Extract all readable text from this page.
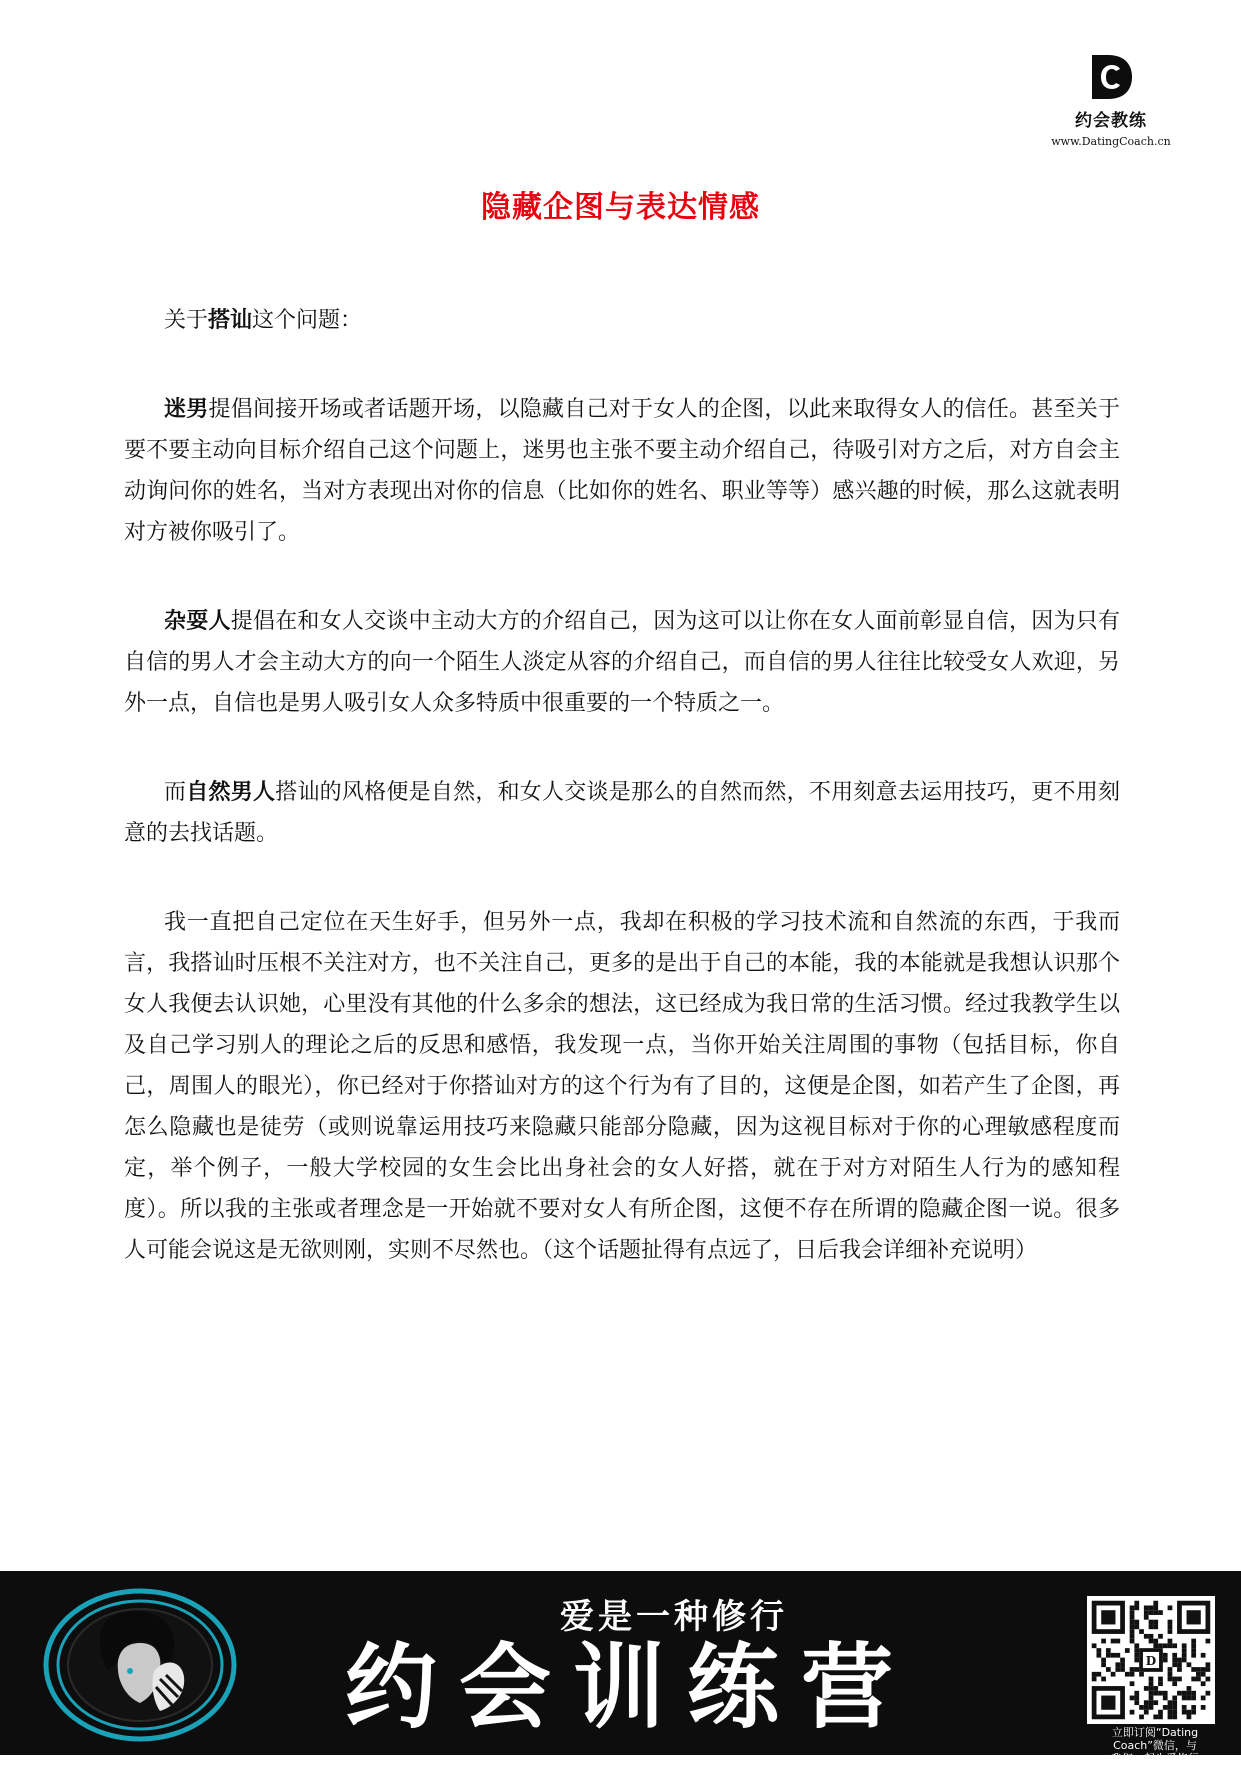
约会教练
www.DatingCoach.cn
隐藏企图与表达情感

关于搭讪这个问题：

迷男提倡间接开场或者话题开场，以隐藏自己对于女人的企图，以此来取得女人的信任。甚至关于要不要主动向目标介绍自己这个问题上，迷男也主张不要主动介绍自己，待吸引对方之后，对方自会主动询问你的姓名，当对方表现出对你的信息（比如你的姓名、职业等等）感兴趣的时候，那么这就表明对方被你吸引了。

杂耍人提倡在和女人交谈中主动大方的介绍自己，因为这可以让你在女人面前彰显自信，因为只有自信的男人才会主动大方的向一个陌生人淡定从容的介绍自己，而自信的男人往往比较受女人欢迎，另外一点，自信也是男人吸引女人众多特质中很重要的一个特质之一。

而自然男人搭讪的风格便是自然，和女人交谈是那么的自然而然，不用刻意去运用技巧，更不用刻意的去找话题。

我一直把自己定位在天生好手，但另外一点，我却在积极的学习技术流和自然流的东西，于我而言，我搭讪时压根不关注对方，也不关注自己，更多的是出于自己的本能，我的本能就是我想认识那个女人我便去认识她，心里没有其他的什么多余的想法，这已经成为我日常的生活习惯。经过我教学生以及自己学习别人的理论之后的反思和感悟，我发现一点，当你开始关注周围的事物（包括目标，你自己，周围人的眼光），你已经对于你搭讪对方的这个行为有了目的，这便是企图，如若产生了企图，再怎么隐藏也是徒劳（或则说靠运用技巧来隐藏只能部分隐藏，因为这视目标对于你的心理敏感程度而定，举个例子，一般大学校园的女生会比出身社会的女人好搭，就在于对方对陌生人行为的感知程度）。所以我的主张或者理念是一开始就不要对女人有所企图，这便不存在所谓的隐藏企图一说。很多人可能会说这是无欲则刚，实则不尽然也。（这个话题扯得有点远了，日后我会详细补充说明）

爱是一种修行
约会训练营	D
立即订阅“Dating
Coach”微信，与
我们一起为爱修行
